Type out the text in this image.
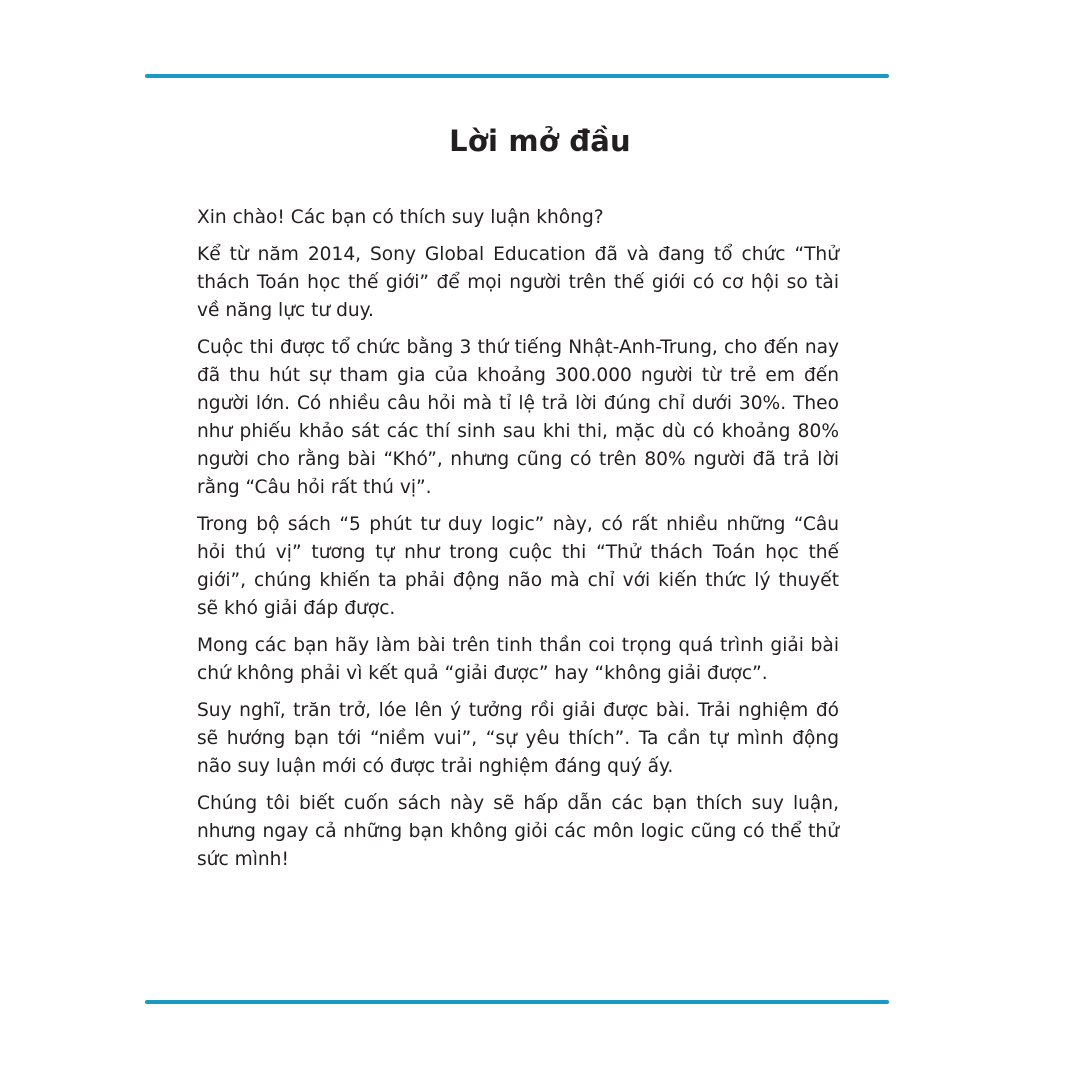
Lời mở đầu

Xin chào! Các bạn có thích suy luận không?

Kể từ năm 2014, Sony Global Education đã và đang tổ chức “Thử thách Toán học thế giới” để mọi người trên thế giới có cơ hội so tài về năng lực tư duy.

Cuộc thi được tổ chức bằng 3 thứ tiếng Nhật-Anh-Trung, cho đến nay đã thu hút sự tham gia của khoảng 300.000 người từ trẻ em đến người lớn. Có nhiều câu hỏi mà tỉ lệ trả lời đúng chỉ dưới 30%. Theo như phiếu khảo sát các thí sinh sau khi thi, mặc dù có khoảng 80% người cho rằng bài “Khó”, nhưng cũng có trên 80% người đã trả lời rằng “Câu hỏi rất thú vị”.

Trong bộ sách “5 phút tư duy logic” này, có rất nhiều những “Câu hỏi thú vị” tương tự như trong cuộc thi “Thử thách Toán học thế giới”, chúng khiến ta phải động não mà chỉ với kiến thức lý thuyết sẽ khó giải đáp được.

Mong các bạn hãy làm bài trên tinh thần coi trọng quá trình giải bài chứ không phải vì kết quả “giải được” hay “không giải được”.

Suy nghĩ, trăn trở, lóe lên ý tưởng rồi giải được bài. Trải nghiệm đó sẽ hướng bạn tới “niềm vui”, “sự yêu thích”. Ta cần tự mình động não suy luận mới có được trải nghiệm đáng quý ấy.

Chúng tôi biết cuốn sách này sẽ hấp dẫn các bạn thích suy luận, nhưng ngay cả những bạn không giỏi các môn logic cũng có thể thử sức mình!
